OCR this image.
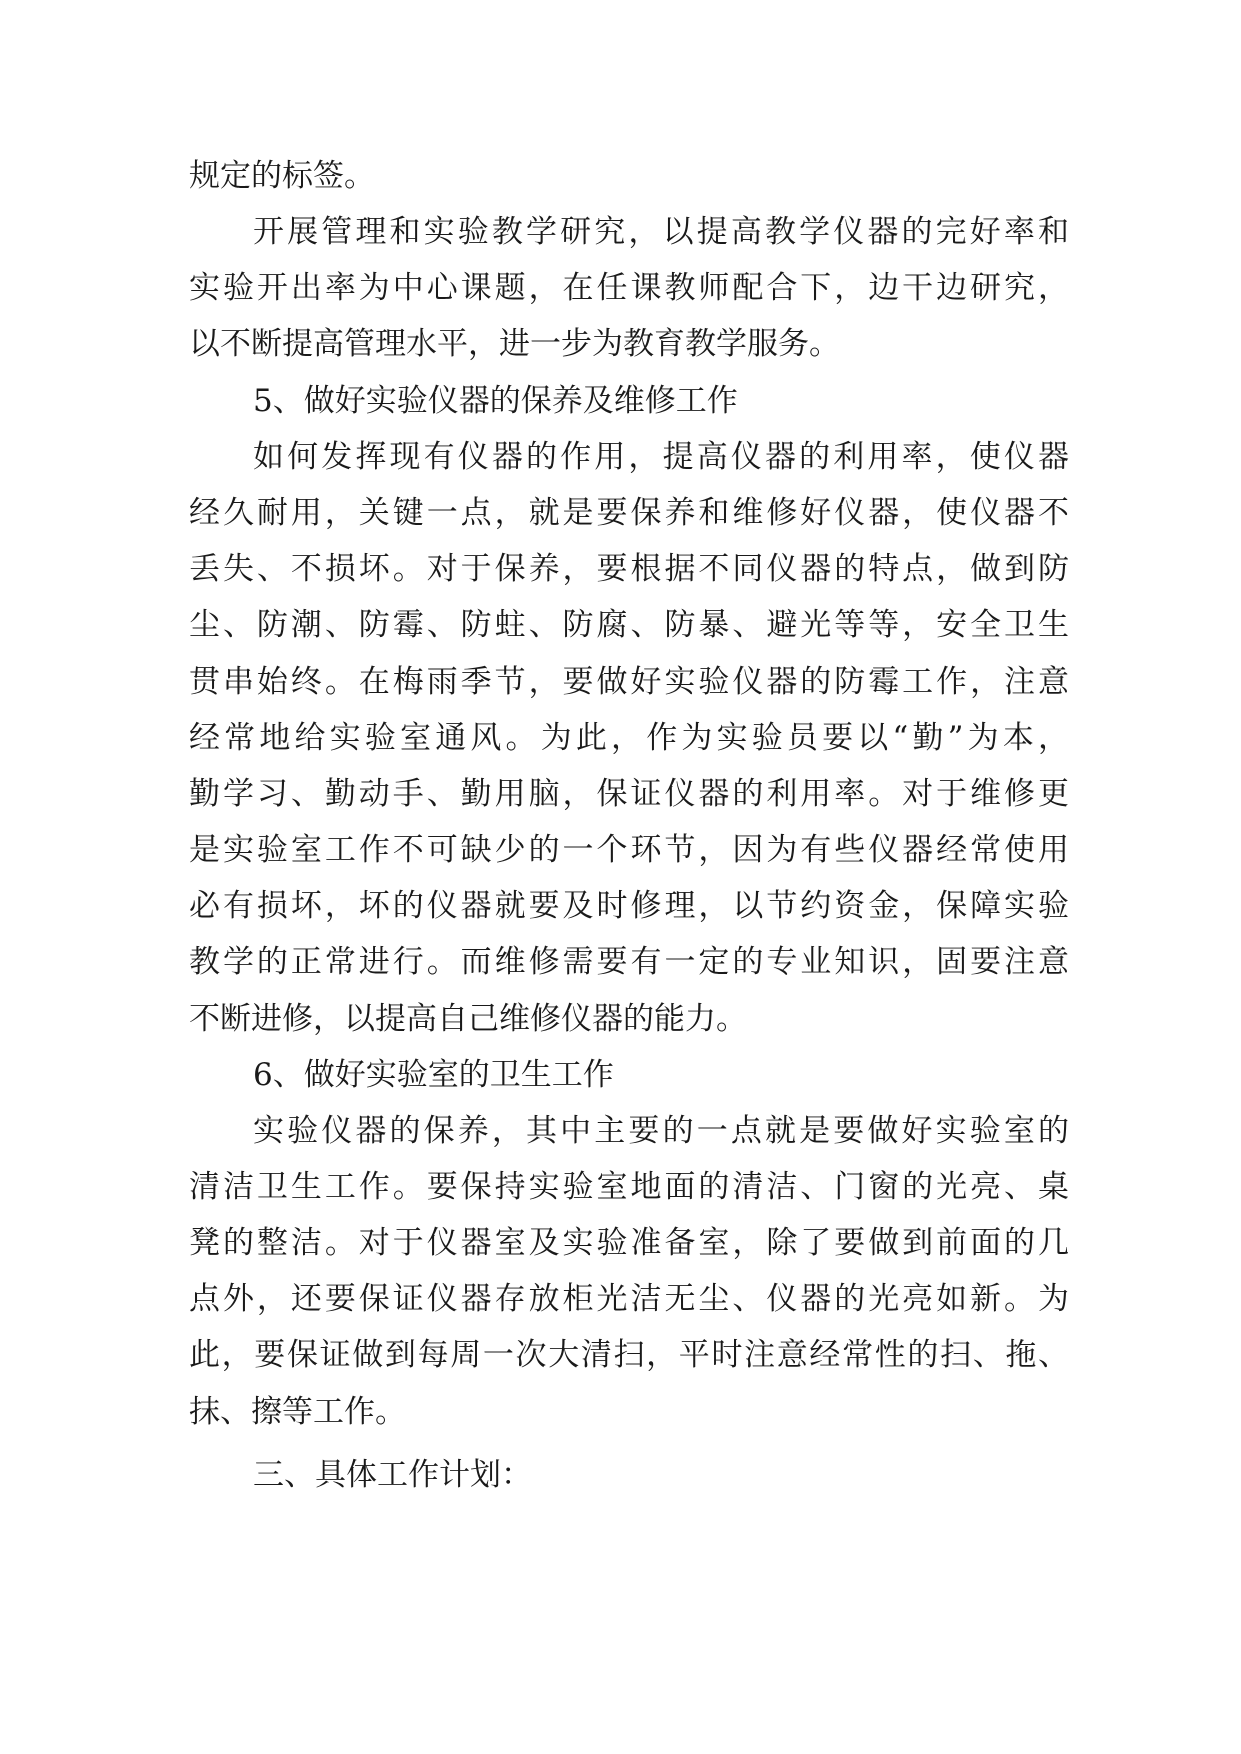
规定的标签。
开展管理和实验教学研究，以提高教学仪器的完好率和
实验开出率为中心课题，在任课教师配合下，边干边研究，
以不断提高管理水平，进一步为教育教学服务。
5、做好实验仪器的保养及维修工作
如何发挥现有仪器的作用，提高仪器的利用率，使仪器
经久耐用，关键一点，就是要保养和维修好仪器，使仪器不
丢失、不损坏。对于保养，要根据不同仪器的特点，做到防
尘、防潮、防霉、防蛀、防腐、防暴、避光等等，安全卫生
贯串始终。在梅雨季节，要做好实验仪器的防霉工作，注意
经常地给实验室通风。为此，作为实验员要以“勤”为本，
勤学习、勤动手、勤用脑，保证仪器的利用率。对于维修更
是实验室工作不可缺少的一个环节，因为有些仪器经常使用
必有损坏，坏的仪器就要及时修理，以节约资金，保障实验
教学的正常进行。而维修需要有一定的专业知识，固要注意
不断进修，以提高自己维修仪器的能力。
6、做好实验室的卫生工作
实验仪器的保养，其中主要的一点就是要做好实验室的
清洁卫生工作。要保持实验室地面的清洁、门窗的光亮、桌
凳的整洁。对于仪器室及实验准备室，除了要做到前面的几
点外，还要保证仪器存放柜光洁无尘、仪器的光亮如新。为
此，要保证做到每周一次大清扫，平时注意经常性的扫、拖、
抹、擦等工作。
三、具体工作计划：
